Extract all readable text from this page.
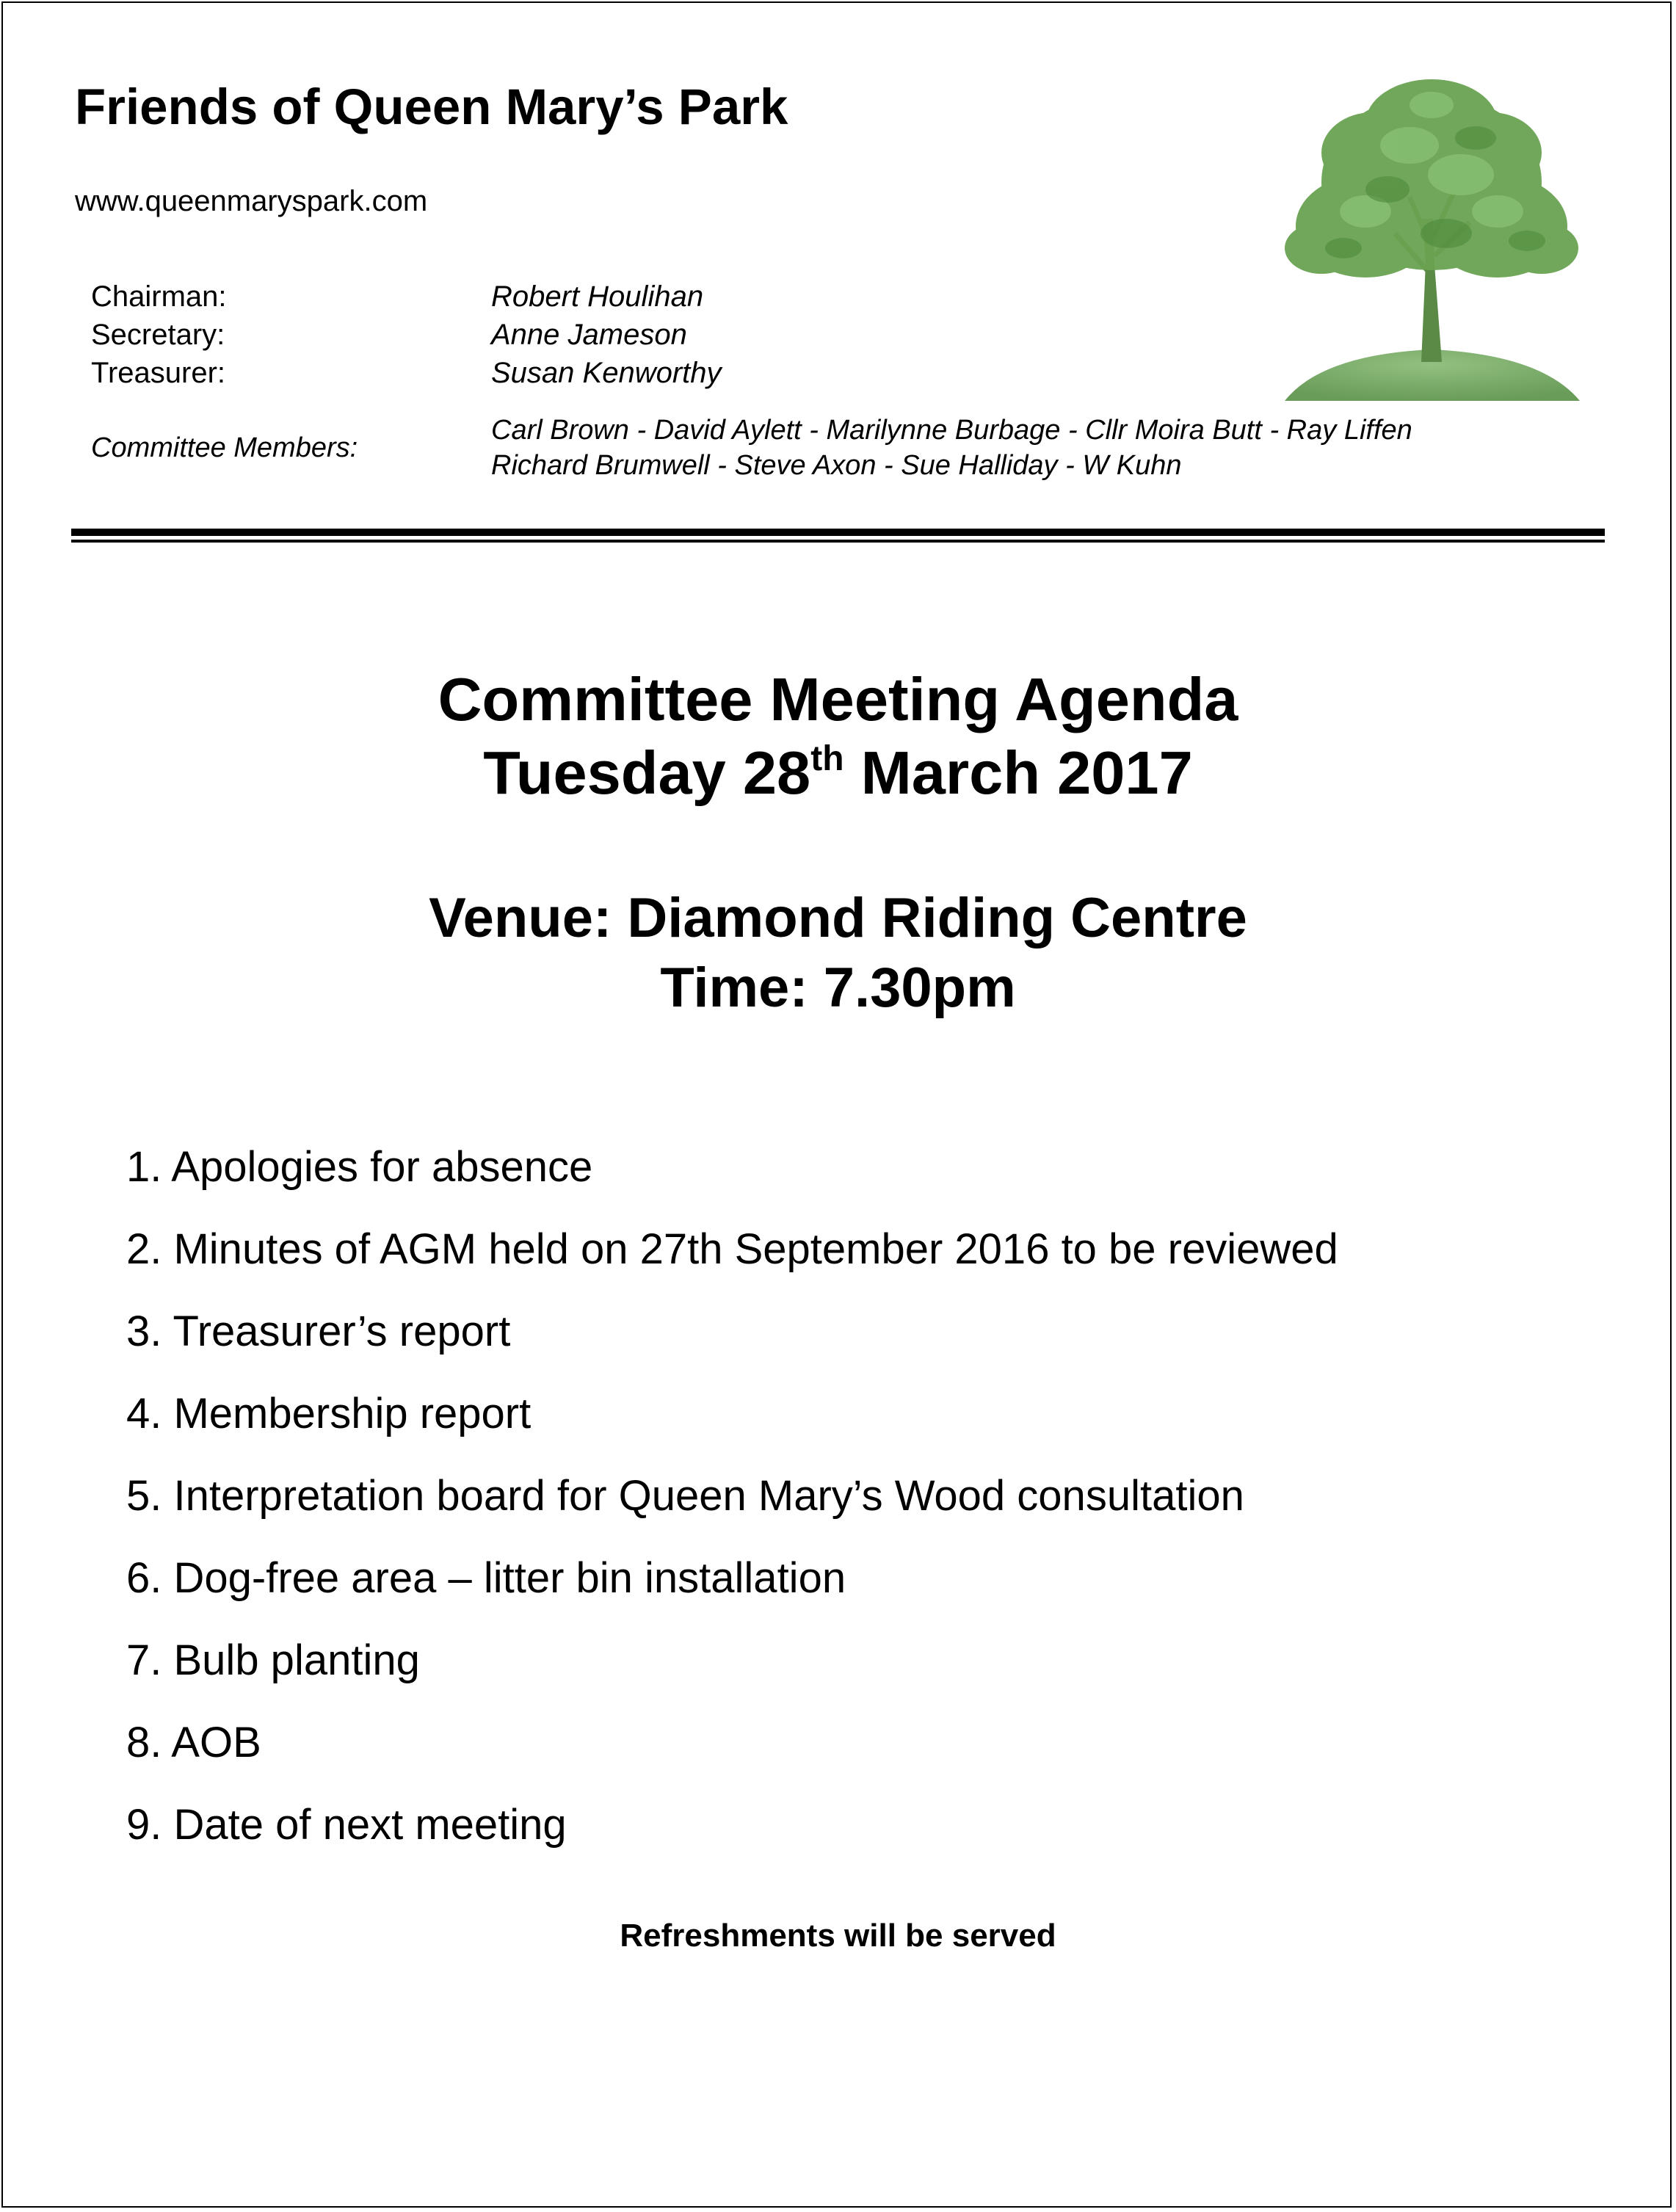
Friends of Queen Mary’s Park
www.queenmaryspark.com
Chairman:	Robert Houlihan
Secretary:	Anne Jameson
Treasurer:	Susan Kenworthy
Committee Members:
Carl Brown - David Aylett - Marilynne Burbage - Cllr Moira Butt - Ray Liffen
Richard Brumwell - Steve Axon - Sue Halliday - W Kuhn
Committee Meeting Agenda
Tuesday 28th March 2017
Venue: Diamond Riding Centre
Time: 7.30pm
1. Apologies for absence
2. Minutes of AGM held on 27th September 2016 to be reviewed
3. Treasurer’s report
4. Membership report
5. Interpretation board for Queen Mary’s Wood consultation
6. Dog-free area – litter bin installation
7. Bulb planting
8. AOB
9. Date of next meeting
Refreshments will be served
